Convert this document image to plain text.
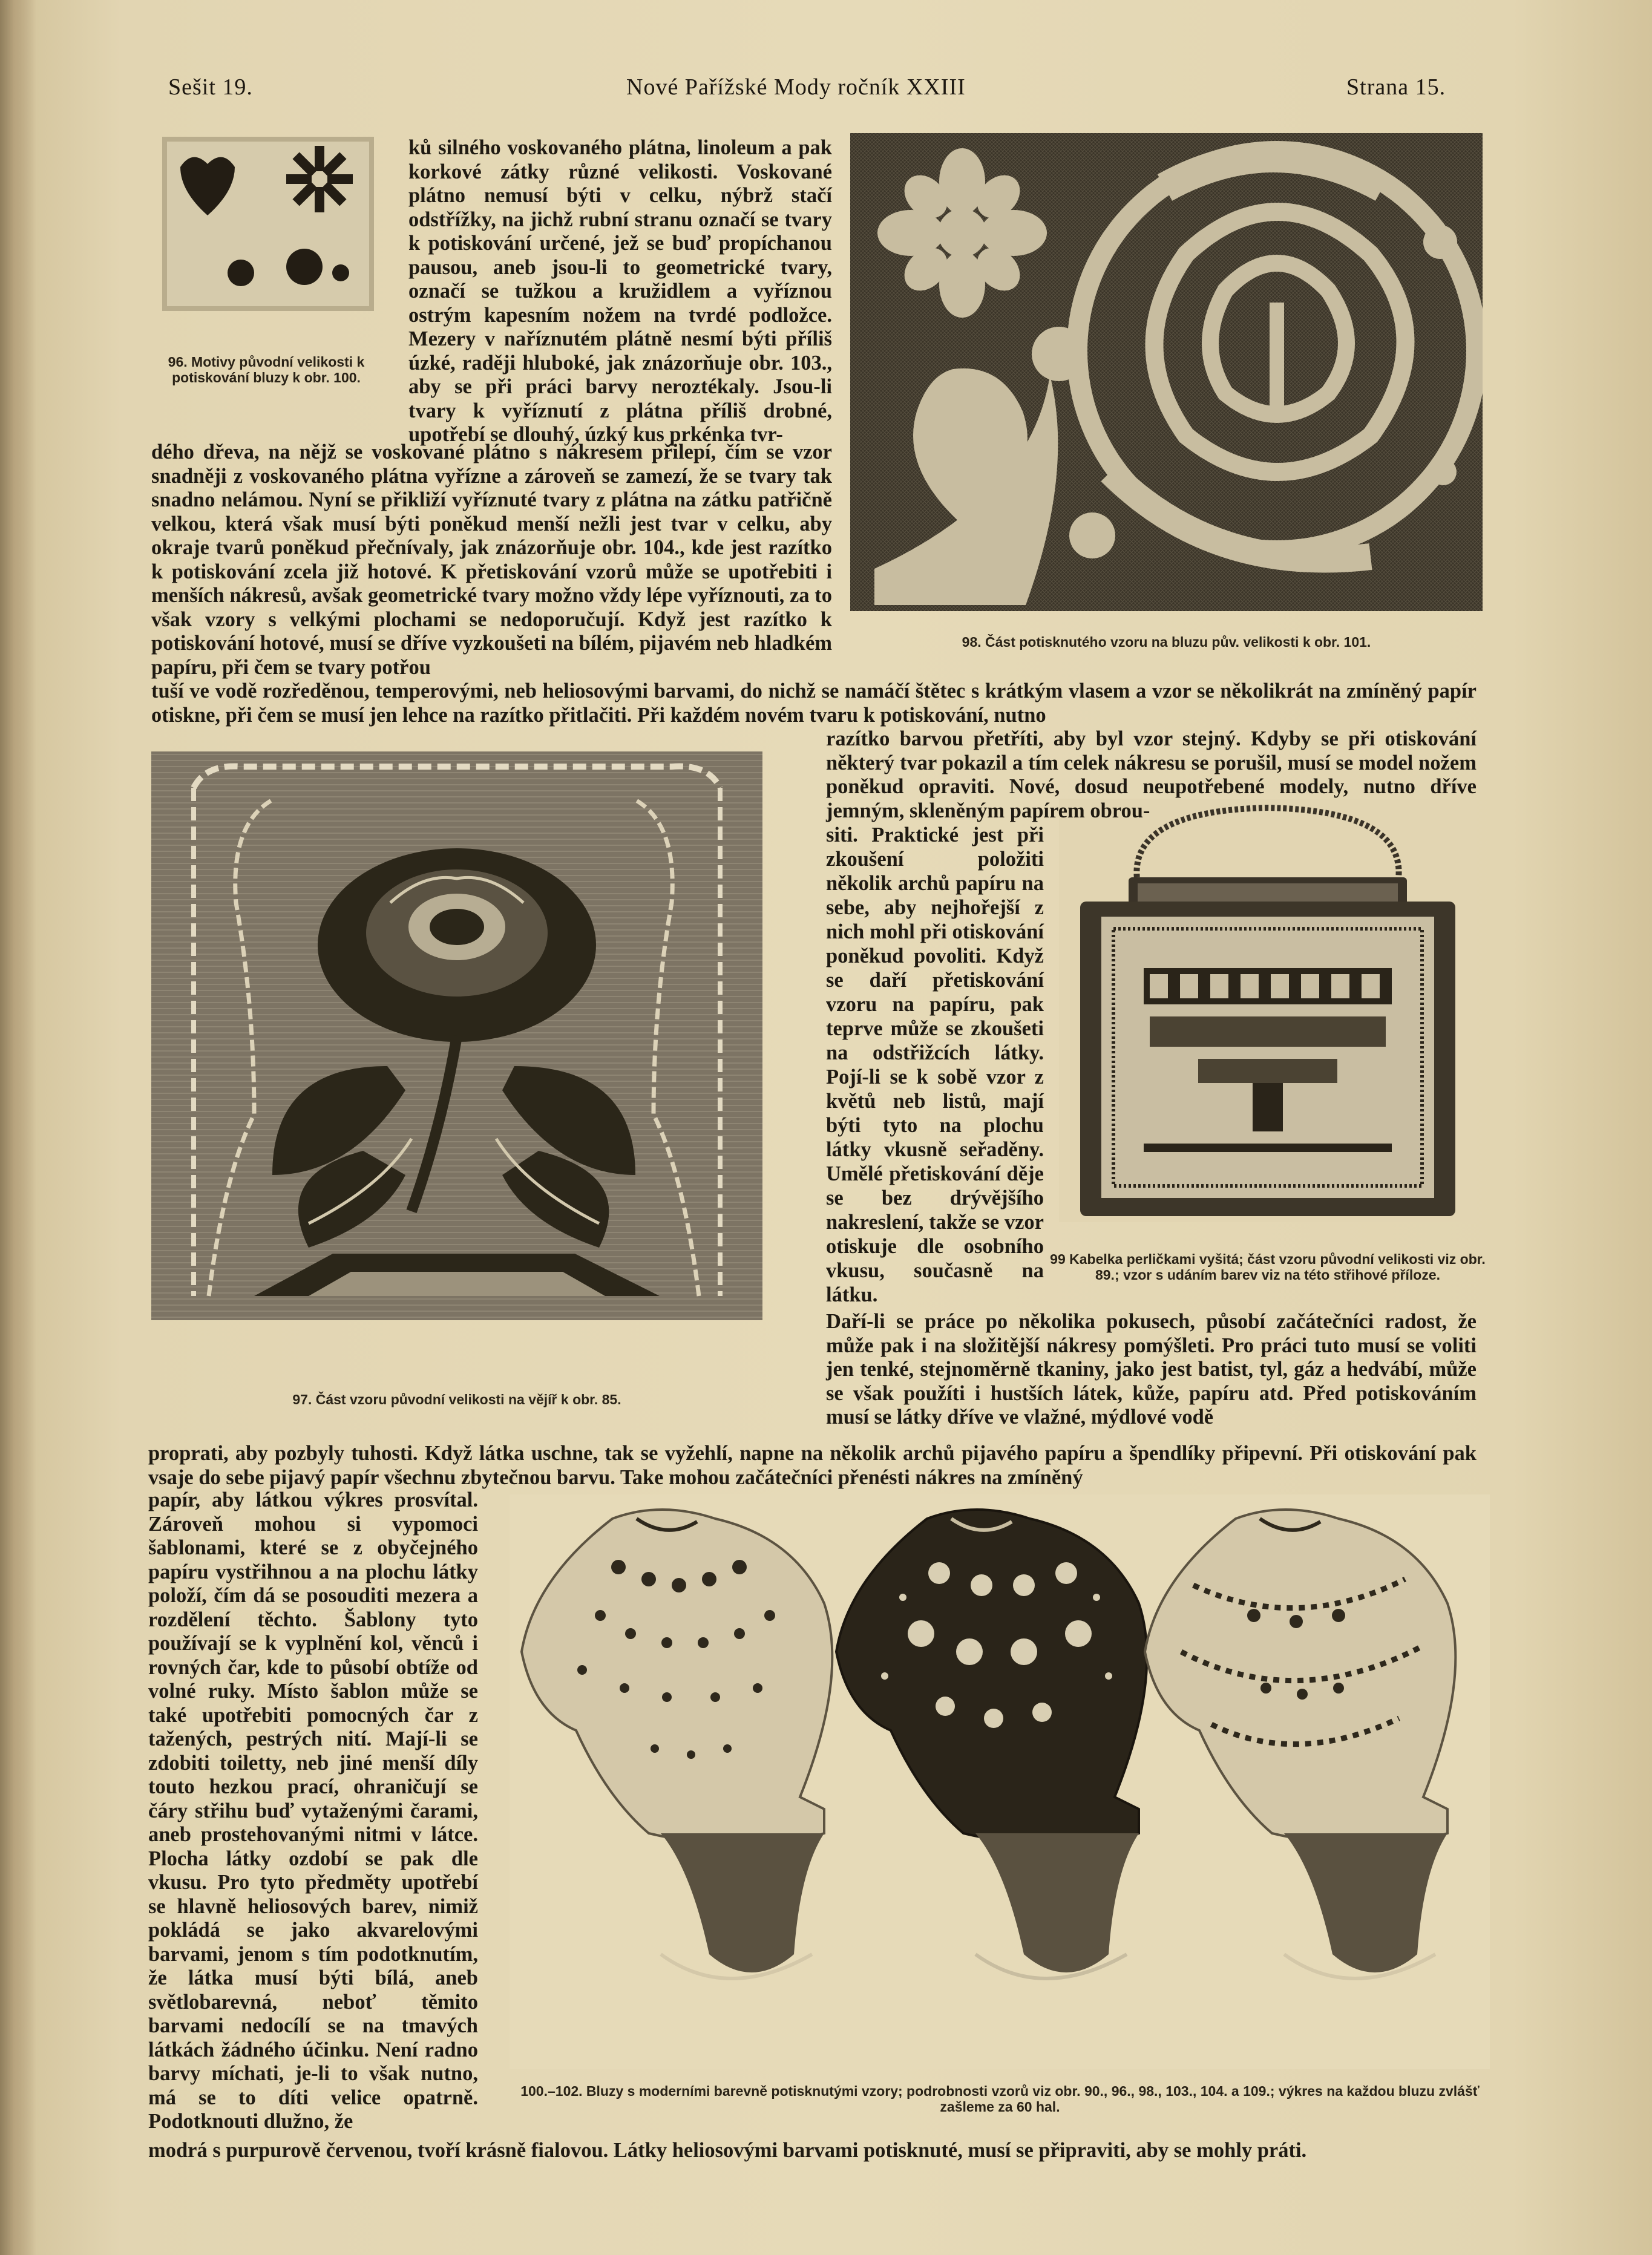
Sešit 19.	Nové Pařížské Mody ročník XXIII	Strana 15.
96. Motivy původní velikosti k potiskování bluzy k obr. 100.
98. Část potisknutého vzoru na bluzu pův. velikosti k obr. 101.
97. Část vzoru původní velikosti na vějíř k obr. 85.
99 Kabelka perličkami vyšitá; část vzoru původní velikosti viz obr. 89.; vzor s udáním barev viz na této střihové příloze.
100.–102. Bluzy s moderními barevně potisknutými vzory; podrobnosti vzorů viz obr. 90., 96., 98., 103., 104. a 109.; výkres na každou bluzu zvlášť zašleme za 60 hal.

ků silného voskovaného plátna, linoleum a pak korkové zátky různé velikosti. Voskované plátno nemusí býti v celku, nýbrž stačí odstřížky, na jichž rubní stranu označí se tvary k potiskování určené, jež se buď propíchanou pausou, aneb jsou-li to geometrické tvary, označí se tužkou a kružidlem a vyříznou ostrým kapesním nožem na tvrdé podložce. Mezery v naříznutém plátně nesmí býti příliš úzké, raději hluboké, jak znázorňuje obr. 103., aby se při práci barvy neroztékaly. Jsou-li tvary k vyříznutí z plátna příliš drobné, upotřebí se dlouhý, úzký kus prkénka tvr-

dého dřeva, na nějž se voskované plátno s nákresem přilepí, čím se vzor snadněji z voskovaného plátna vyřízne a zároveň se zamezí, že se tvary tak snadno nelámou. Nyní se přikliží vyříznuté tvary z plátna na zátku patřičně velkou, která však musí býti poněkud menší nežli jest tvar v celku, aby okraje tvarů poněkud přečnívaly, jak znázorňuje obr. 104., kde jest razítko k potiskování zcela již hotové. K přetiskování vzorů může se upotřebiti i menších nákresů, avšak geometrické tvary možno vždy lépe vyříznouti, za to však vzory s velkými plochami se nedoporučují. Když jest razítko k potiskování hotové, musí se dříve vyzkoušeti na bílém, pijavém neb hladkém papíru, při čem se tvary potřou

tuší ve vodě rozředěnou, temperovými, neb heliosovými barvami, do nichž se namáčí štětec s krátkým vlasem a vzor se několikrát na zmíněný papír otiskne, při čem se musí jen lehce na razítko přitlačiti. Při každém novém tvaru k potiskování, nutno

razítko barvou přetříti, aby byl vzor stejný. Kdyby se při otiskování některý tvar pokazil a tím celek nákresu se porušil, musí se model nožem poněkud opraviti. Nové, dosud neupotřebené modely, nutno dříve jemným, skleněným papírem obrou-

siti. Praktické jest při zkoušení položiti několik archů papíru na sebe, aby nejhořejší z nich mohl při otiskování poněkud povoliti. Když se daří přetiskování vzoru na papíru, pak teprve může se zkoušeti na odstřižcích látky. Pojí-li se k sobě vzor z květů neb listů, mají býti tyto na plochu látky vkusně seřaděny. Umělé přetiskování děje se bez drývějšího nakreslení, takže se vzor otiskuje dle osobního vkusu, současně na látku.

Daří-li se práce po několika pokusech, působí začátečníci radost, že může pak i na složitější nákresy pomýšleti. Pro práci tuto musí se voliti jen tenké, stejnoměrně tkaniny, jako jest batist, tyl, gáz a hedvábí, může se však použíti i hustších látek, kůže, papíru atd. Před potiskováním musí se látky dříve ve vlažné, mýdlové vodě

proprati, aby pozbyly tuhosti. Když látka uschne, tak se vyžehlí, napne na několik archů pijavého papíru a špendlíky připevní. Při otiskování pak vsaje do sebe pijavý papír všechnu zbytečnou barvu. Take mohou začátečníci přenésti nákres na zmíněný

papír, aby látkou výkres prosvítal. Zároveň mohou si vypomoci šablonami, které se z obyčejného papíru vystřihnou a na plochu látky položí, čím dá se posouditi mezera a rozdělení těchto. Šablony tyto používají se k vyplnění kol, věnců i rovných čar, kde to působí obtíže od volné ruky. Místo šablon může se také upotřebiti pomocných čar z tažených, pestrých nití. Mají-li se zdobiti toiletty, neb jiné menší díly touto hezkou prací, ohraničují se čáry střihu buď vytaženými čarami, aneb prostehovanými nitmi v látce. Plocha látky ozdobí se pak dle vkusu. Pro tyto předměty upotřebí se hlavně heliosových barev, nimiž pokládá se jako akvarelovými barvami, jenom s tím podotknutím, že látka musí býti bílá, aneb světlobarevná, neboť těmito barvami nedocílí se na tmavých látkách žádného účinku. Není radno barvy míchati, je-li to však nutno, má se to díti velice opatrně. Podotknouti dlužno, že

modrá s purpurově červenou, tvoří krásně fialovou. Látky heliosovými barvami potisknuté, musí se připraviti, aby se mohly práti.
